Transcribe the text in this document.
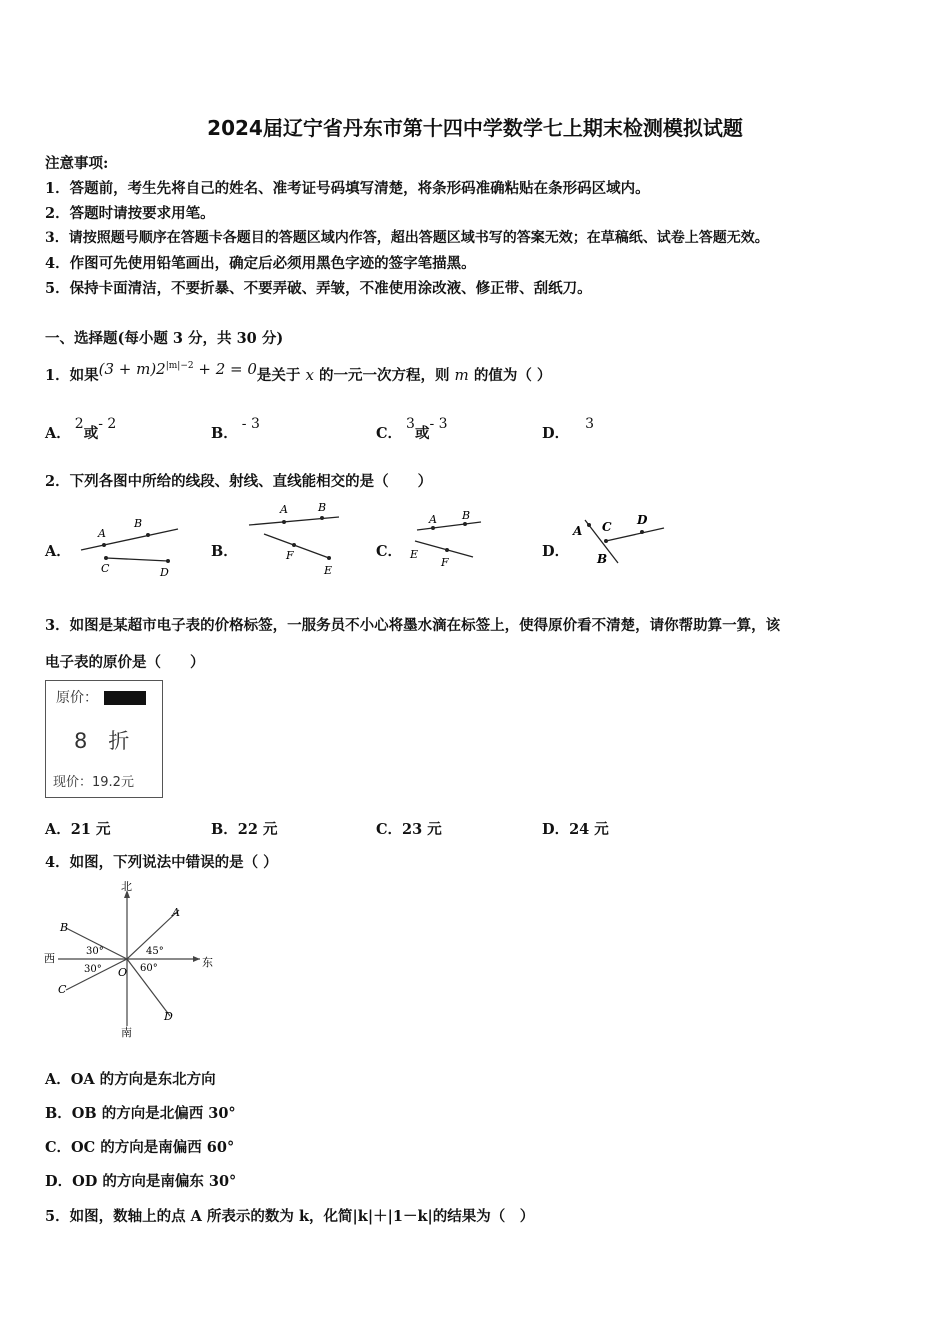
2024届辽宁省丹东市第十四中学数学七上期末检测模拟试题
注意事项:
1．答题前，考生先将自己的姓名、准考证号码填写清楚，将条形码准确粘贴在条形码区域内。
2．答题时请按要求用笔。
3．请按照题号顺序在答题卡各题目的答题区域内作答，超出答题区域书写的答案无效；在草稿纸、试卷上答题无效。
4．作图可先使用铅笔画出，确定后必须用黑色字迹的签字笔描黑。
5．保持卡面清洁，不要折暴、不要弄破、弄皱，不准使用涂改液、修正带、刮纸刀。
一、选择题(每小题 3 分，共 30 分)
1．如果$(3 + m)2^{|m|-2} + 2 = 0$是关于 x 的一元一次方程，则 m 的值为（ ）
A．2或- 2
B．- 3
C．3或- 3
D．3
2．下列各图中所给的线段、射线、直线能相交的是（　　）
A．	B．	C．	D．
A
B
C	D
A	B
F
E
A B
E
F
A C D
B
3．如图是某超市电子表的价格标签，一服务员不小心将墨水滴在标签上，使得原价看不清楚，请你帮助算一算，该
电子表的原价是（　　）
原价：
8　折
现价：19.2元
A．21 元	B．22 元	C．23 元	D．24 元
4．如图，下列说法中错误的是（ ）
北
南
西	东
O
A
B
C
D
30°
30°
45°
60°
A．OA 的方向是东北方向
B．OB 的方向是北偏西 30°
C．OC 的方向是南偏西 60°
D．OD 的方向是南偏东 30°
5．如图，数轴上的点 A 所表示的数为 k，化简|k|＋|1－k|的结果为（　）
